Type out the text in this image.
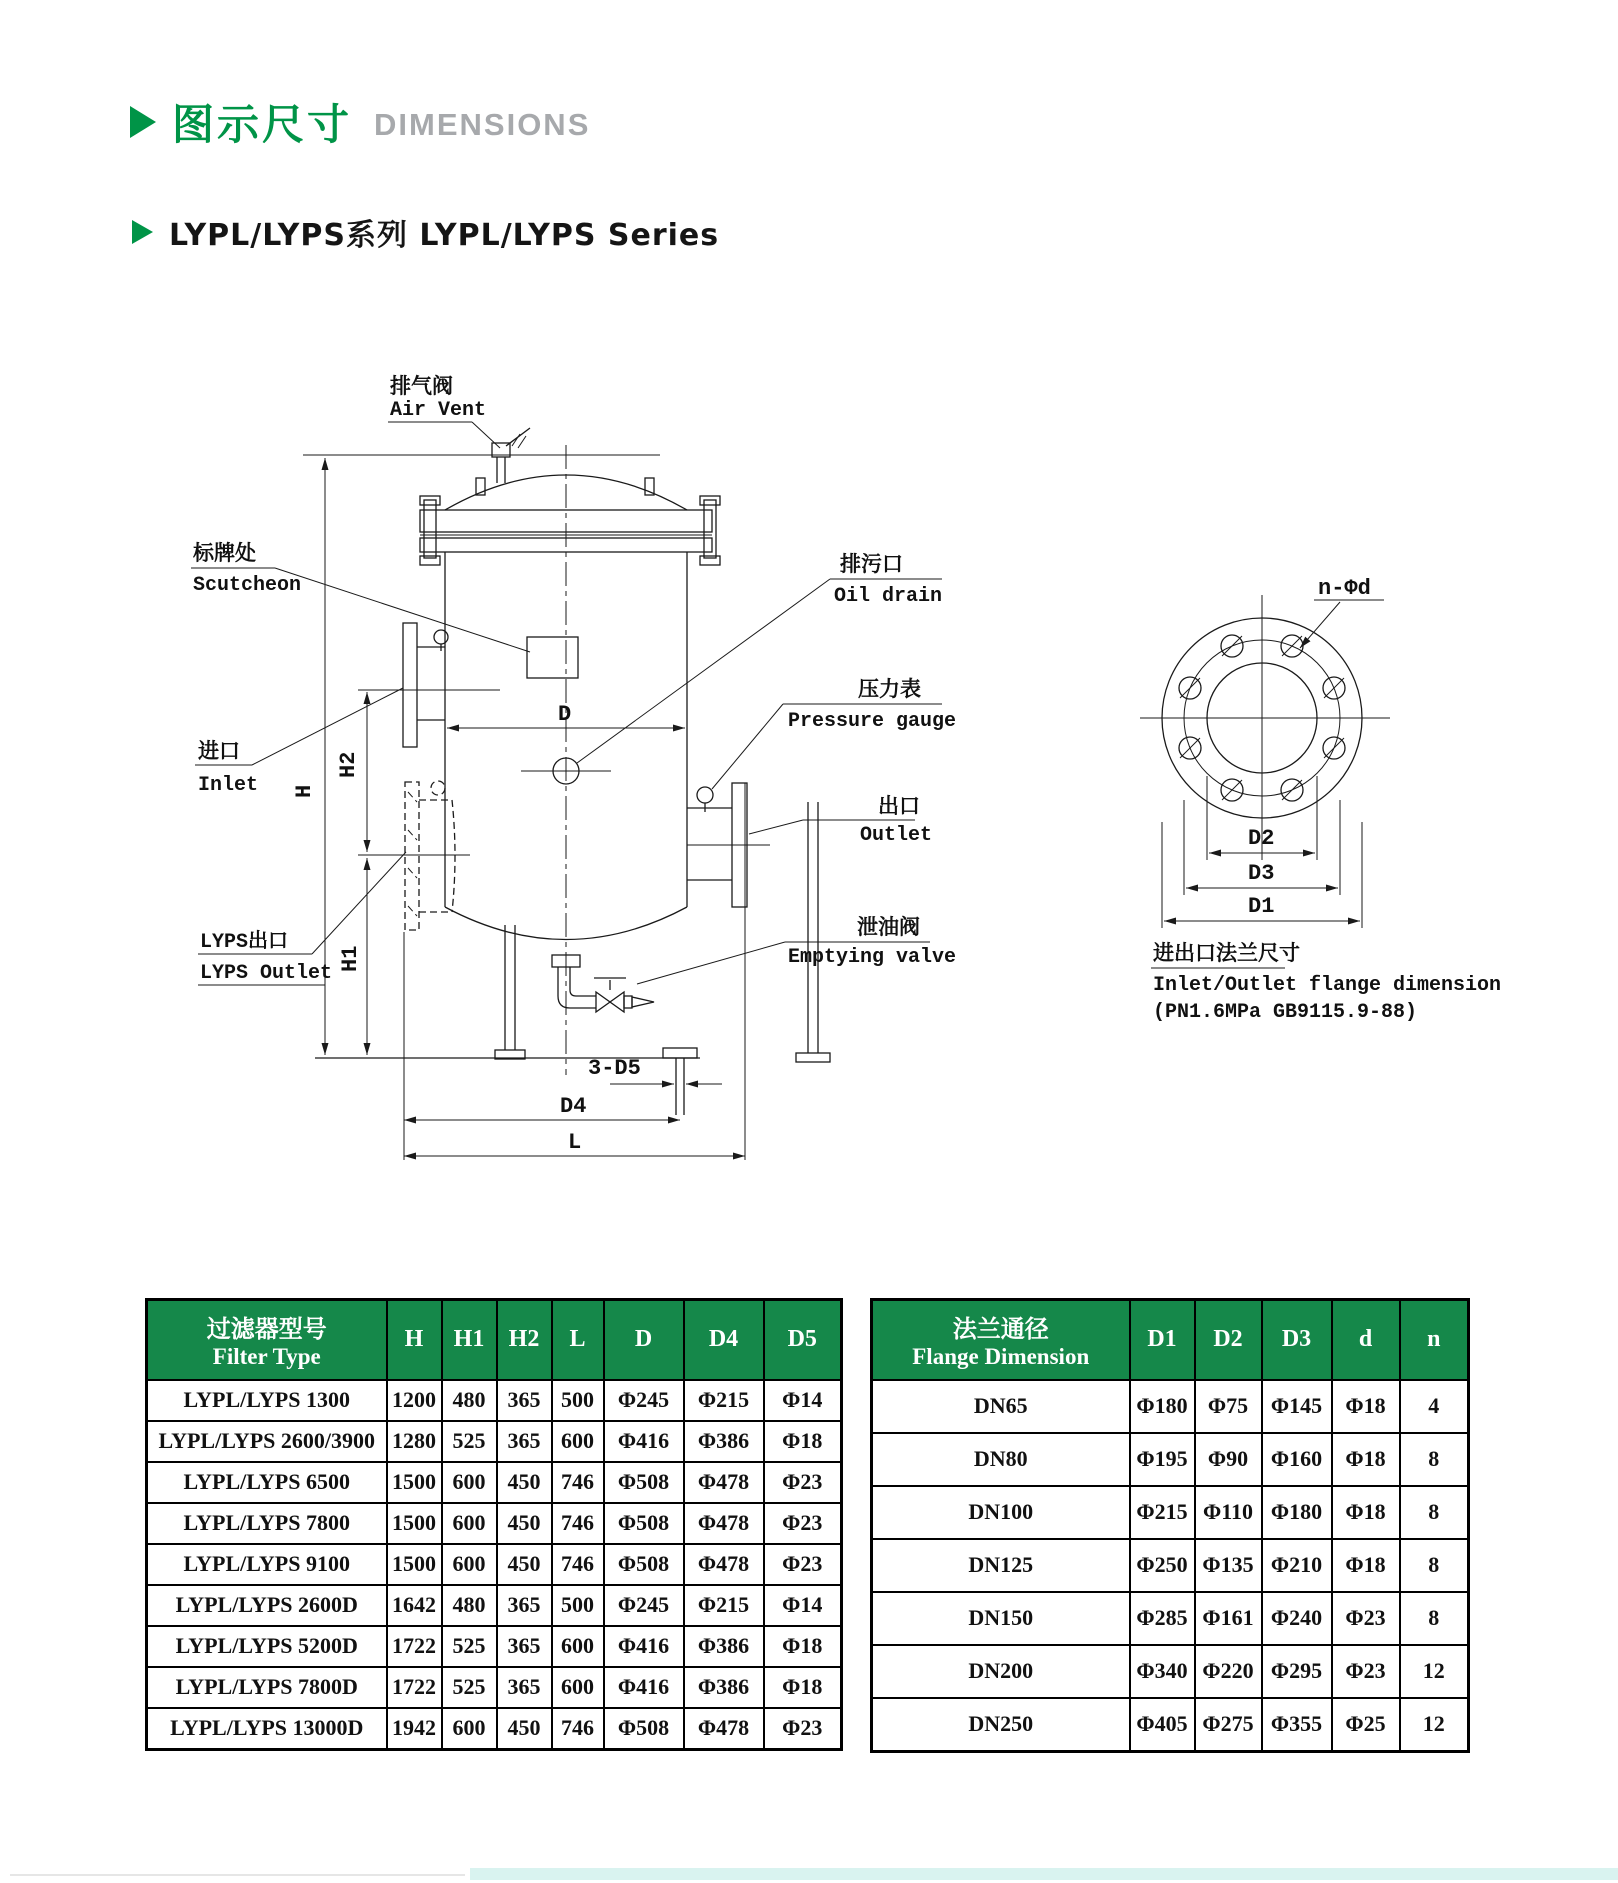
图示尺寸 DIMENSIONS
LYPL/LYPS系列 LYPL/LYPS Series
H
H2
H1
D
3-D5
D4
L
排气阀
Air Vent
标牌处
Scutcheon
进口
Inlet
LYPS出口
LYPS Outlet
排污口
Oil drain
压力表
Pressure gauge
出口
Outlet
泄油阀
Emptying valve
n-Φd
D2
D3
D1
进出口法兰尺寸
Inlet/Outlet flange dimension
(PN1.6MPa GB9115.9-88)
过滤器型号
Filter Type	H	H1	H2	L	D	D4	D5
LYPL/LYPS 1300	1200	480	365	500	Φ245	Φ215	Φ14
LYPL/LYPS 2600/3900	1280	525	365	600	Φ416	Φ386	Φ18
LYPL/LYPS 6500	1500	600	450	746	Φ508	Φ478	Φ23
LYPL/LYPS 7800	1500	600	450	746	Φ508	Φ478	Φ23
LYPL/LYPS 9100	1500	600	450	746	Φ508	Φ478	Φ23
LYPL/LYPS 2600D	1642	480	365	500	Φ245	Φ215	Φ14
LYPL/LYPS 5200D	1722	525	365	600	Φ416	Φ386	Φ18
LYPL/LYPS 7800D	1722	525	365	600	Φ416	Φ386	Φ18
LYPL/LYPS 13000D	1942	600	450	746	Φ508	Φ478	Φ23
法兰通径
Flange Dimension	D1	D2	D3	d	n
DN65	Φ180	Φ75	Φ145	Φ18	4
DN80	Φ195	Φ90	Φ160	Φ18	8
DN100	Φ215	Φ110	Φ180	Φ18	8
DN125	Φ250	Φ135	Φ210	Φ18	8
DN150	Φ285	Φ161	Φ240	Φ23	8
DN200	Φ340	Φ220	Φ295	Φ23	12
DN250	Φ405	Φ275	Φ355	Φ25	12
